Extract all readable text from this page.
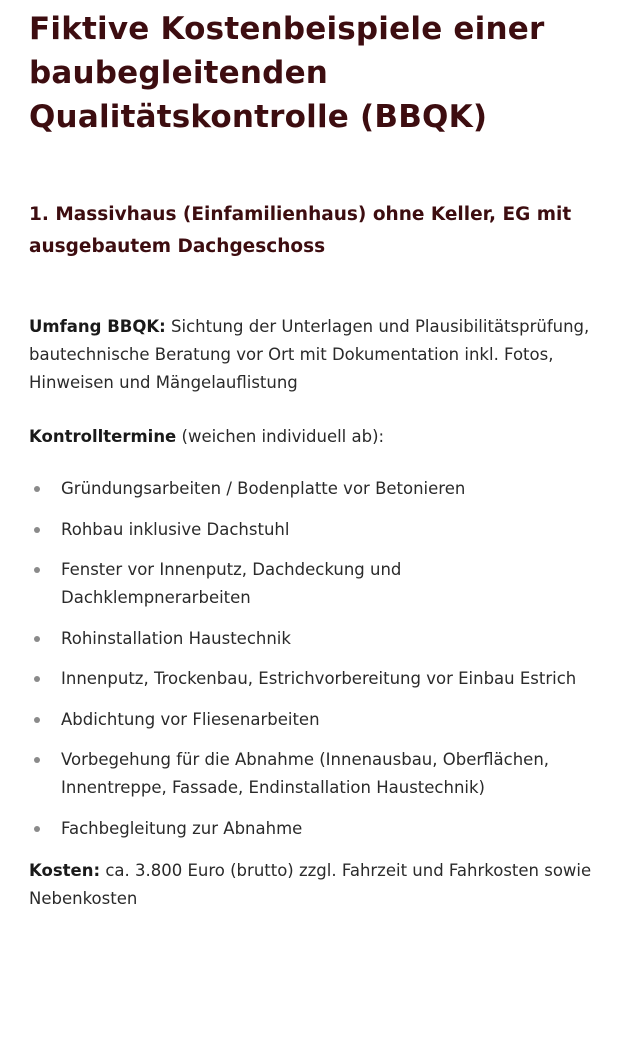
Fiktive Kostenbeispiele einer baubegleitenden Qualitätskontrolle (BBQK)
1. Massivhaus (Einfamilienhaus) ohne Keller, EG mit ausgebautem Dachgeschoss

Umfang BBQK: Sichtung der Unterlagen und Plausibilitätsprüfung, bautechnische Beratung vor Ort mit Dokumentation inkl. Fotos, Hinweisen und Mängelauflistung

Kontrolltermine (weichen individuell ab):

Gründungsarbeiten / Bodenplatte vor Betonieren
Rohbau inklusive Dachstuhl
Fenster vor Innenputz, Dachdeckung und Dachklempnerarbeiten
Rohinstallation Haustechnik
Innenputz, Trockenbau, Estrichvorbereitung vor Einbau Estrich
Abdichtung vor Fliesenarbeiten
Vorbegehung für die Abnahme (Innenausbau, Oberflächen, Innentreppe, Fassade, Endinstallation Haustechnik)
Fachbegleitung zur Abnahme

Kosten: ca. 3.800 Euro (brutto) zzgl. Fahrzeit und Fahrkosten sowie Nebenkosten
